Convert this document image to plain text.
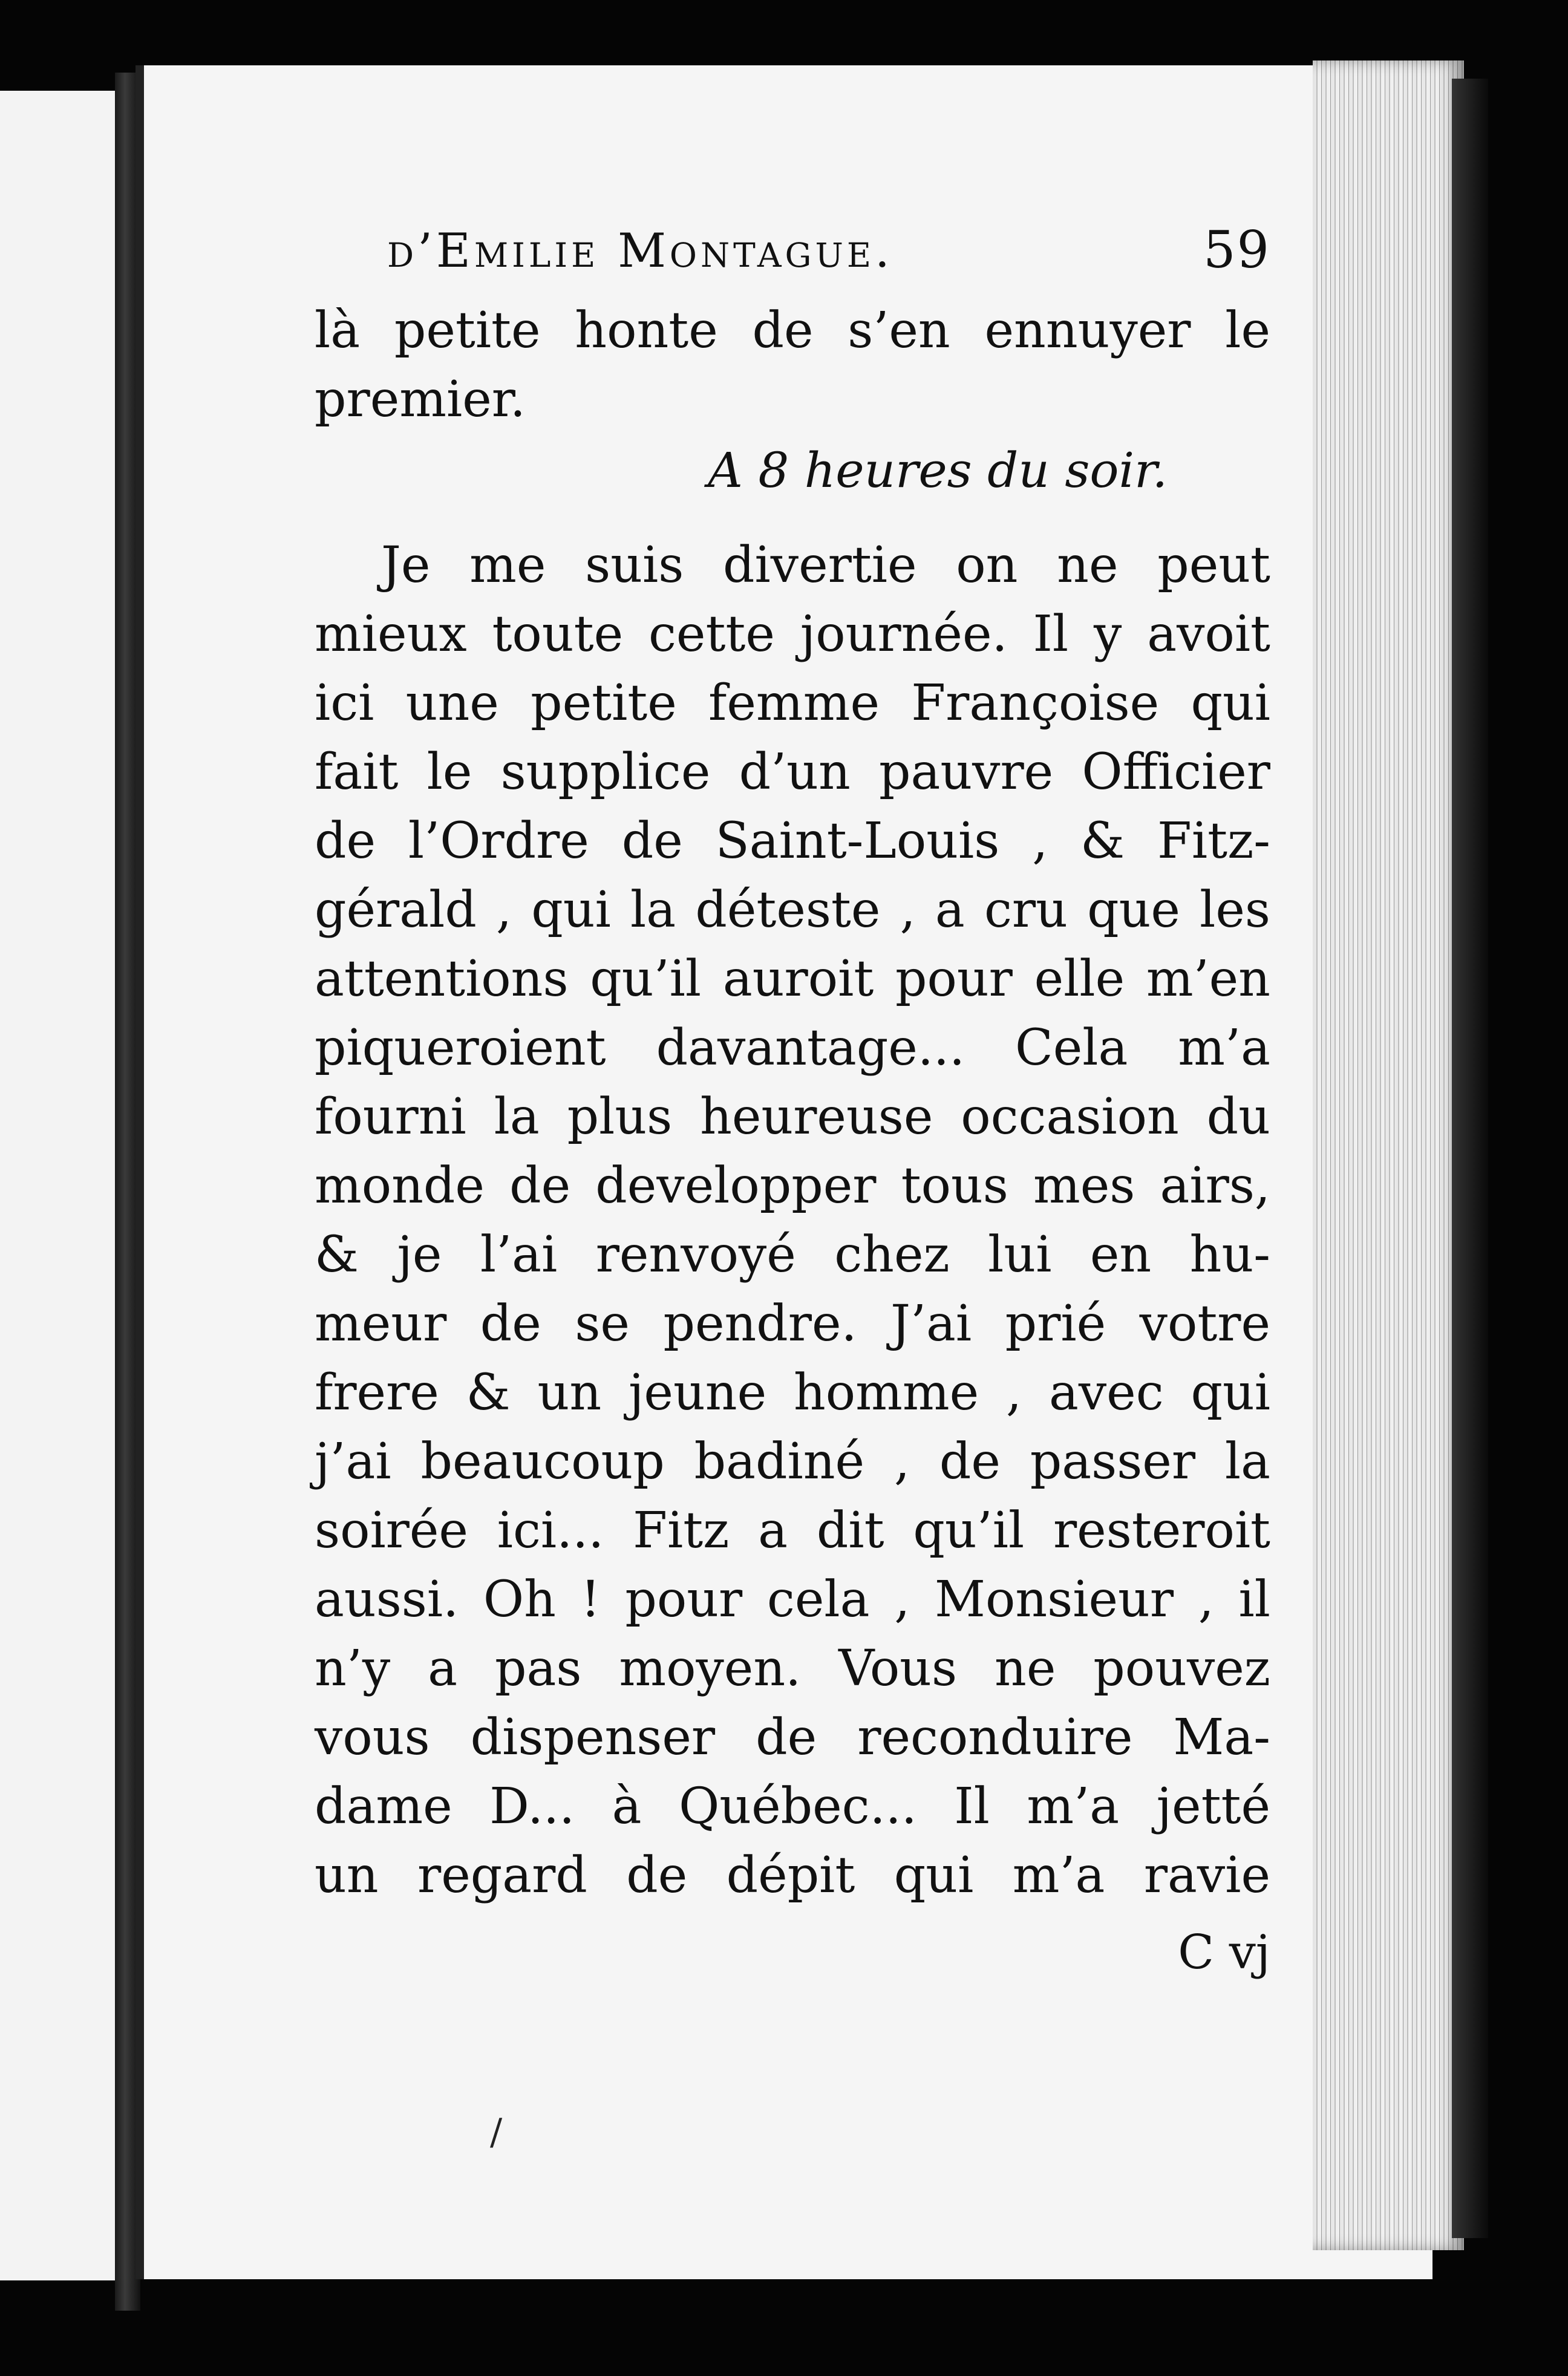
d’Emilie Montague.	59
là petite honte de s’en ennuyer le
premier.
A 8 heures du soir.
Je me suis divertie on ne peut
mieux toute cette journée. Il y avoit
ici une petite femme Françoise qui
fait le supplice d’un pauvre Officier
de l’Ordre de Saint-Louis , & Fitz-
gérald , qui la déteste , a cru que les
attentions qu’il auroit pour elle m’en
piqueroient davantage... Cela m’a
fourni la plus heureuse occasion du
monde de developper tous mes airs,
& je l’ai renvoyé chez lui en hu-
meur de se pendre. J’ai prié votre
frere & un jeune homme , avec qui
j’ai beaucoup badiné , de passer la
soirée ici... Fitz a dit qu’il resteroit
aussi. Oh ! pour cela , Monsieur , il
n’y a pas moyen. Vous ne pouvez
vous dispenser de reconduire Ma-
dame D... à Québec... Il m’a jetté
un regard de dépit qui m’a ravie
C vj
/
